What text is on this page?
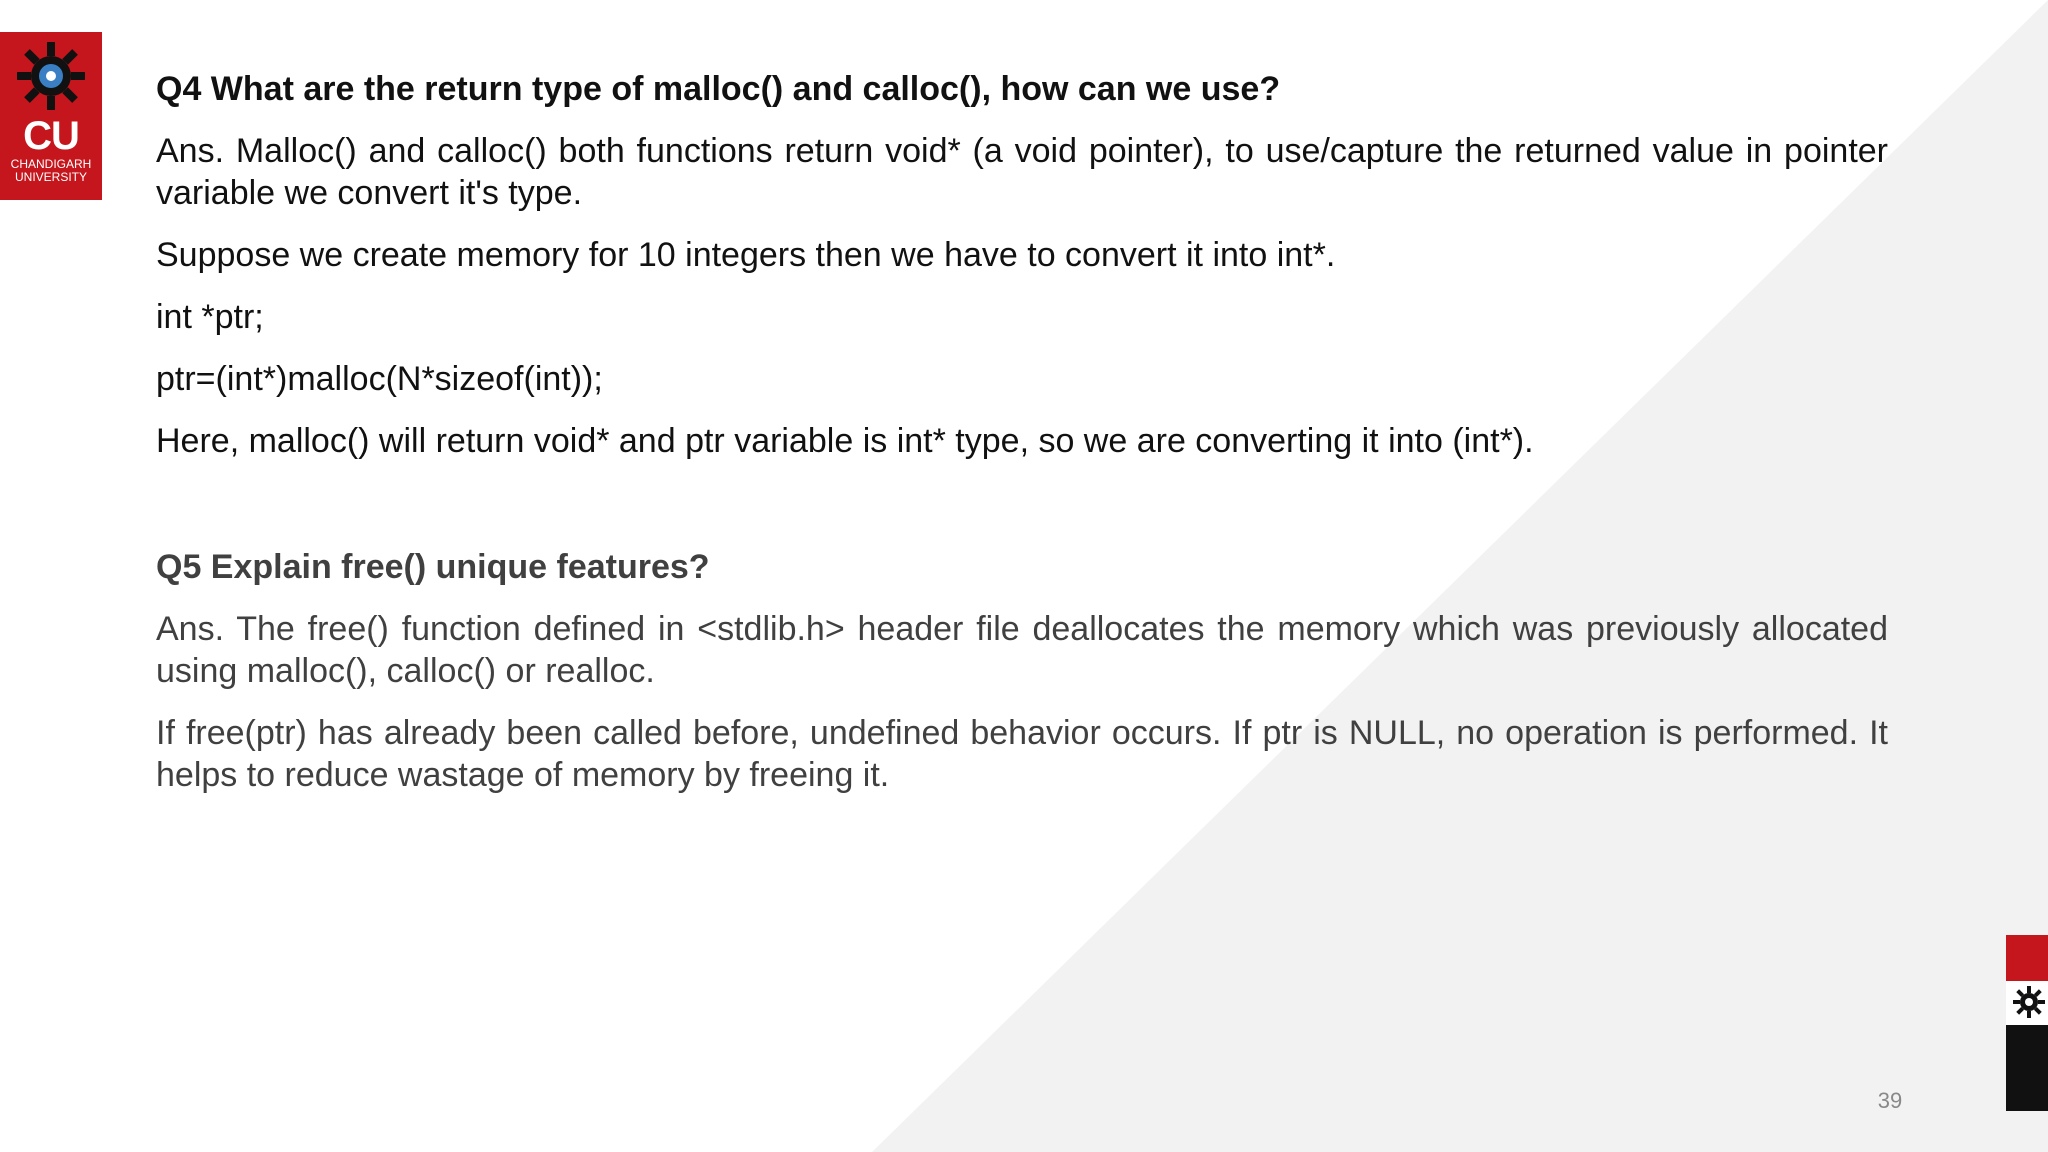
CU
CHANDIGARH
UNIVERSITY

Q4 What are the return type of malloc() and calloc(), how can we use?

Ans. Malloc() and calloc() both functions return void* (a void pointer), to use/capture the returned value in pointer variable we convert it's type.

Suppose we create memory for 10 integers then we have to convert it into int*.

int *ptr;

ptr=(int*)malloc(N*sizeof(int));

Here, malloc() will return void* and ptr variable is int* type, so we are converting it into (int*).

Q5 Explain free() unique features?

Ans. The free() function defined in <stdlib.h> header file deallocates the memory which was previously allocated using malloc(), calloc() or realloc.

If free(ptr) has already been called before, undefined behavior occurs. If ptr is NULL, no operation is performed. It helps to reduce wastage of memory by freeing it.

39
